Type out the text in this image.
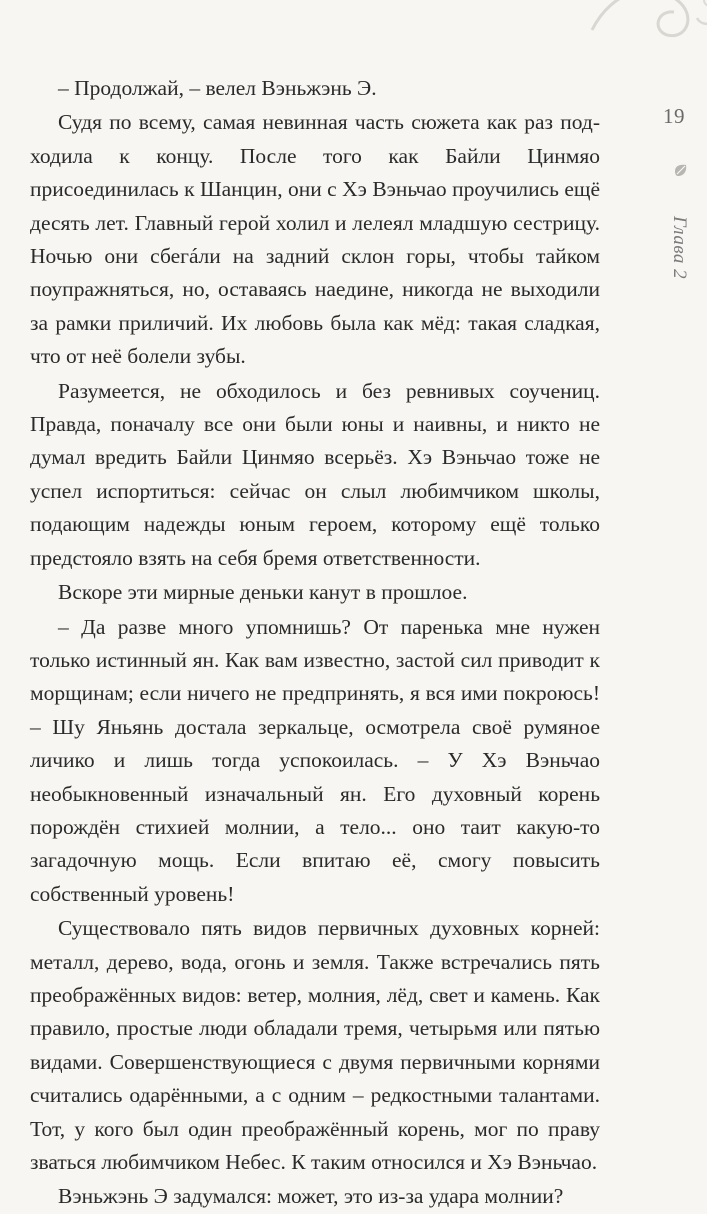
19
Глава 2

– Продолжай, – велел Вэньжэнь Э.

Судя по всему, самая невинная часть сюжета как раз подходила к концу. После того как Байли Цинмяо присоединилась к Шанцин, они с Хэ Вэньчао проучились ещё десять лет. Главный герой холил и лелеял младшую сестрицу. Ночью они сбегáли на задний склон горы, чтобы тайком поупражняться, но, оставаясь наедине, никогда не выходили за рамки приличий. Их любовь была как мёд: такая сладкая, что от неё болели зубы.

Разумеется, не обходилось и без ревнивых соучениц. Правда, поначалу все они были юны и наивны, и никто не думал вредить Байли Цинмяо всерьёз. Хэ Вэньчао тоже не успел испортиться: сейчас он слыл любимчиком школы, подающим надежды юным героем, которому ещё только предстояло взять на себя бремя ответственности.

Вскоре эти мирные деньки канут в прошлое.

– Да разве много упомнишь? От паренька мне нужен только истинный ян. Как вам известно, застой сил приводит к морщинам; если ничего не предпринять, я вся ими покроюсь! – Шу Яньянь достала зеркальце, осмотрела своё румяное личико и лишь тогда успокоилась. – У Хэ Вэньчао необыкновенный изначальный ян. Его духовный корень порождён стихией молнии, а тело... оно таит какую-то загадочную мощь. Если впитаю её, смогу повысить собственный уровень!

Существовало пять видов первичных духовных корней: металл, дерево, вода, огонь и земля. Также встречались пять преображённых видов: ветер, молния, лёд, свет и камень. Как правило, простые люди обладали тремя, четырьмя или пятью видами. Совершенствующиеся с двумя первичными корнями считались одарёнными, а с одним – редкостными талантами. Тот, у кого был один преображённый корень, мог по праву зваться любимчиком Небес. К таким относился и Хэ Вэньчао.

Вэньжэнь Э задумался: может, это из-за удара молнии?
